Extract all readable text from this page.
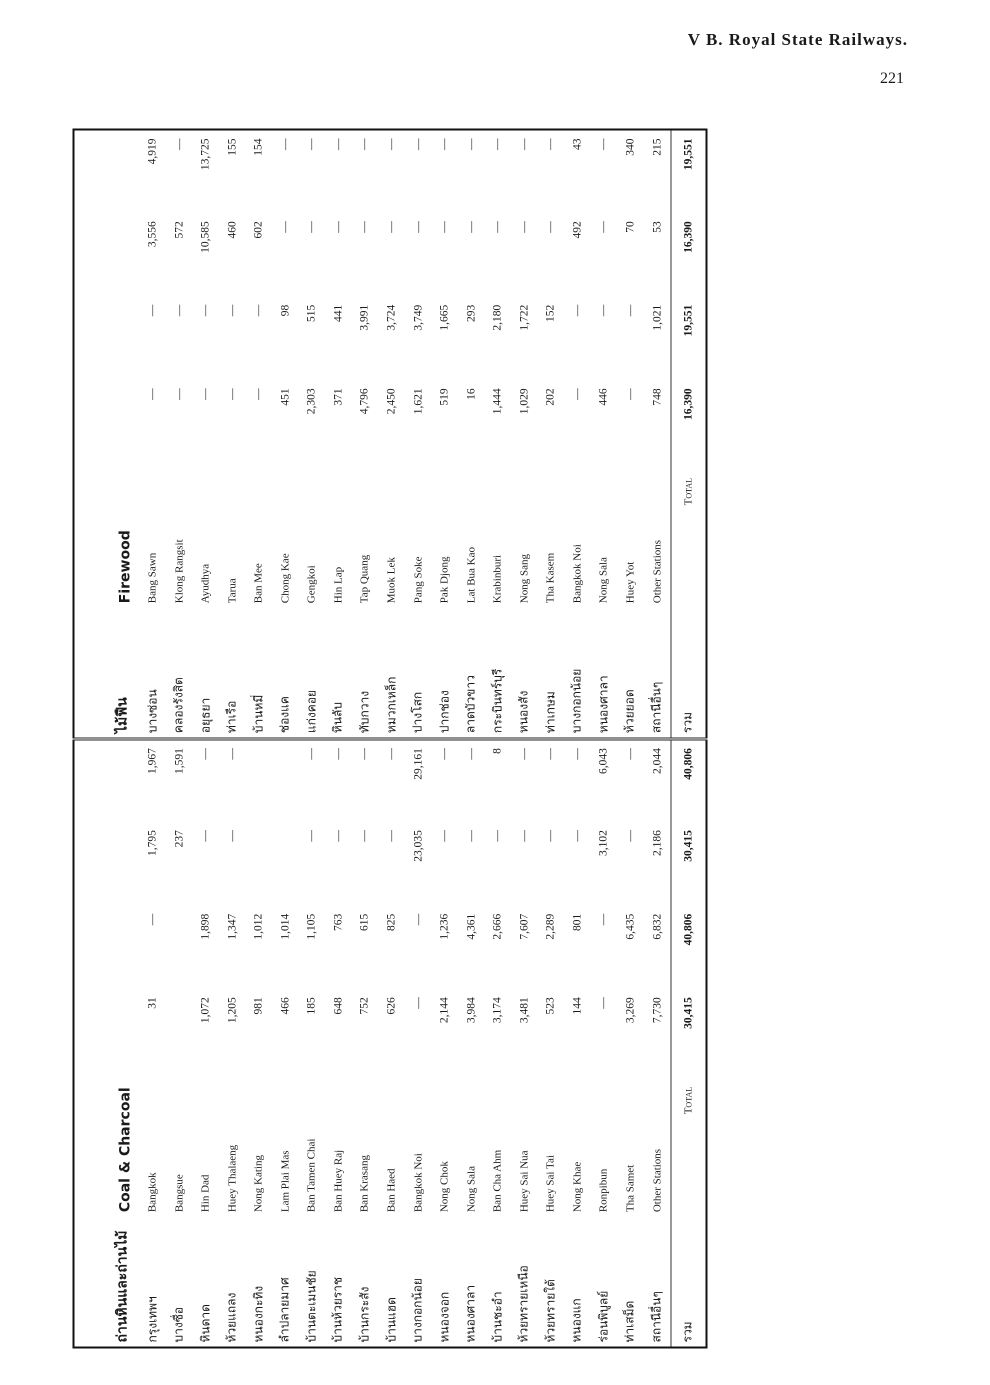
V B. Royal State Railways.
221
ถ่านหินและถ่านไม้	Coal & Charcoal					ไม้ฟืน	Firewood				
กรุงเทพฯ	Bangkok	31	—	1,795	1,967	บางซ่อน	Bang Sawn	—	—	3,556	4,919
บางซื่อ	Bangsue			237	1,591	คลองรังสิต	Klong Rangsit	—	—	572	—
หินดาด	Hin Dad	1,072	1,898	—	—	อยุธยา	Ayudhya	—	—	10,585	13,725
ห้วยแถลง	Huey Thalaeng	1,205	1,347	—	—	ท่าเรือ	Tarua	—	—	460	155
หนองกะทิง	Nong Kating	981	1,012			บ้านหมี่	Ban Mee	—	—	602	154
ลำปลายมาศ	Lam Plai Mas	466	1,014			ช่องแค	Chong Kae	451	98	—	—
บ้านตะเมนชัย	Ban Tamen Chai	185	1,105	—	—	แก่งคอย	Gengkoi	2,303	515	—	—
บ้านห้วยราช	Ban Huey Raj	648	763	—	—	หินลับ	Hin Lap	371	441	—	—
บ้านกระสัง	Ban Krasang	752	615	—	—	ทับกวาง	Tap Quang	4,796	3,991	—	—
บ้านแฮด	Ban Haed	626	825	—	—	หมวกเหล็ก	Muok Lek	2,450	3,724	—	—
บางกอกน้อย	Bangkok Noi	—	—	23,035	29,161	ปางโสก	Pang Soke	1,621	3,749	—	—
หนองจอก	Nong Chok	2,144	1,236	—	—	ปากช่อง	Pak Djong	519	1,665	—	—
หนองศาลา	Nong Sala	3,984	4,361	—	—	ลาดบัวขาว	Lat Bua Kao	16	293	—	—
บ้านชะอำ	Ban Cha Ahm	3,174	2,666	—	8	กระบินทร์บุรี	Krabinburi	1,444	2,180	—	—
ห้วยทรายเหนือ	Huey Sai Nua	3,481	7,607	—	—	หนองสัง	Nong Sang	1,029	1,722	—	—
ห้วยทรายใต้	Huey Sai Tai	523	2,289	—	—	ท่าเกษม	Tha Kasem	202	152	—	—
หนองแก	Nong Khae	144	801	—	—	บางกอกน้อย	Bangkok Noi	—	—	492	43
ร่อนพิบูลย์	Ronpibun	—	—	3,102	6,043	หนองศาลา	Nong Sala	446	—	—	—
ท่าเสม็ด	Tha Samet	3,269	6,435	—	—	ห้วยยอด	Huey Yot	—	—	70	340
สถานีอื่นๆ	Other Stations	7,730	6,832	2,186	2,044	สถานีอื่นๆ	Other Stations	748	1,021	53	215
รวม	Total	30,415	40,806	30,415	40,806	รวม	Total	16,390	19,551	16,390	19,551
